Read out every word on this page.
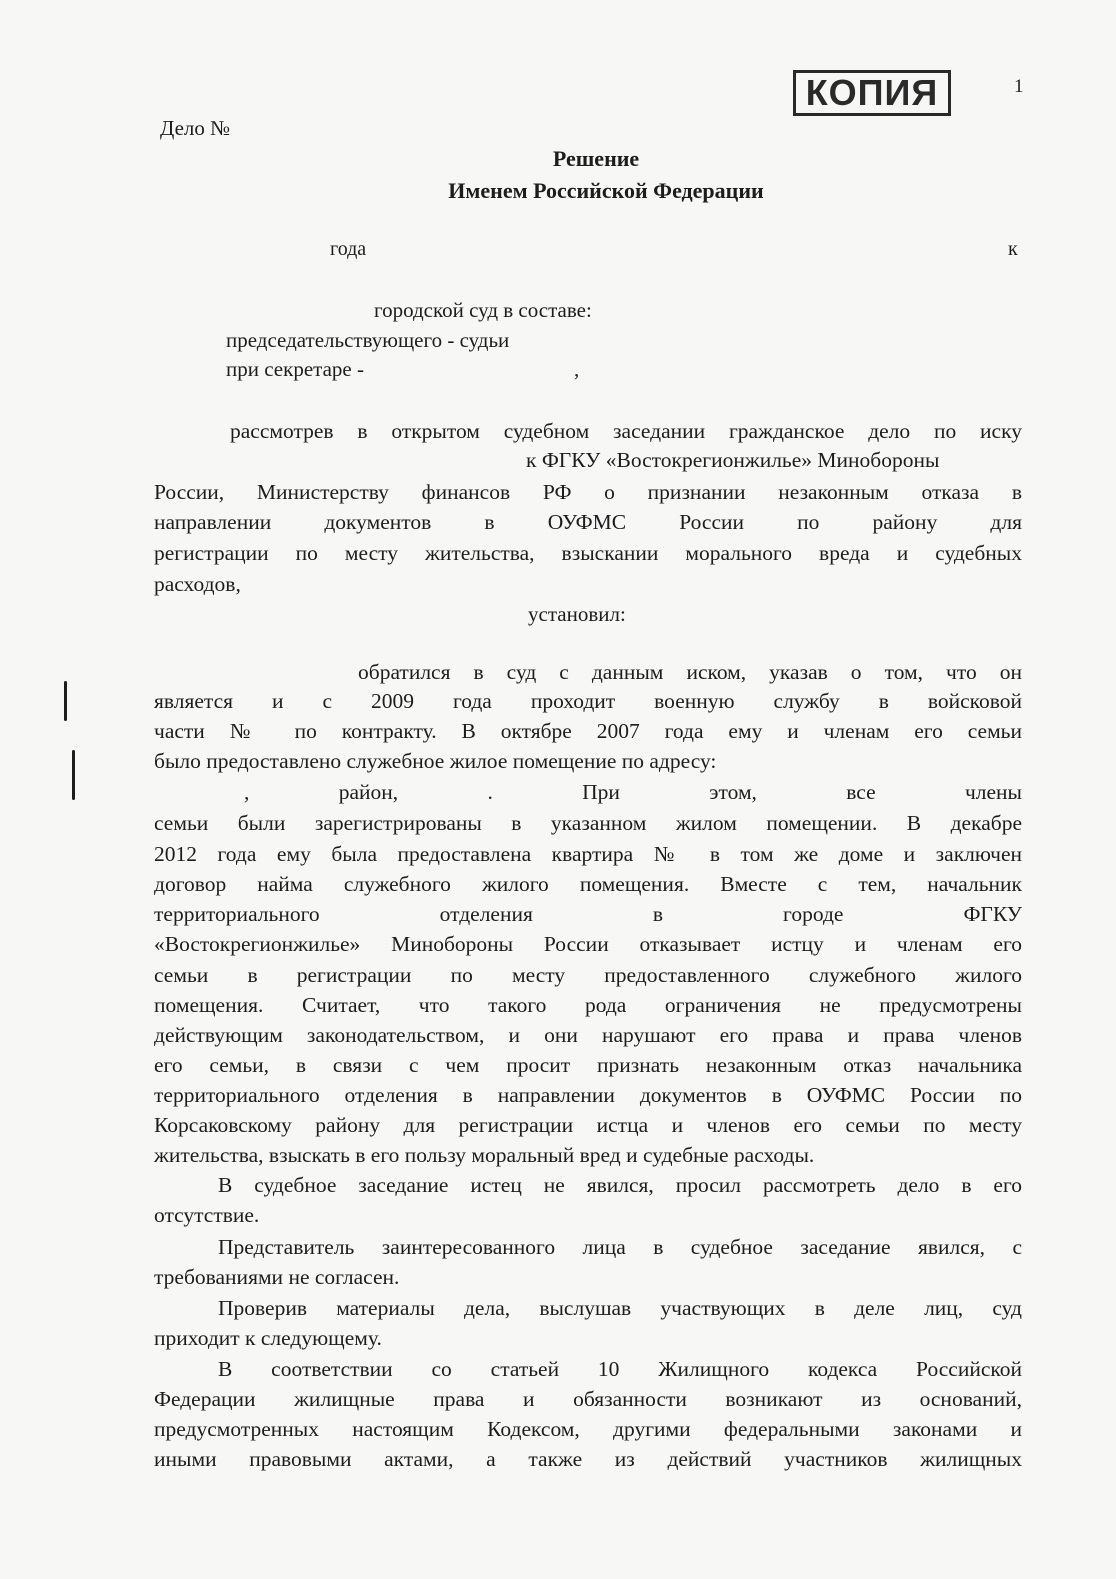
КОПИЯ	1
Дело №
Решение
Именем Российской Федерации
года	к
городской суд в составе:
председательствующего - судьи
при секретаре -	,
рассмотрев в открытом судебном заседании гражданское дело по иску
к ФГКУ «Востокрегионжилье» Минобороны
России, Министерству финансов РФ о признании незаконным отказа в
направлении документов в ОУФМС России по району для
регистрации по месту жительства, взыскании морального вреда и судебных
расходов,
установил:
обратился в суд с данным иском, указав о том, что он
является и с 2009 года проходит военную службу в войсковой
части № по контракту. В октябре 2007 года ему и членам его семьи
было предоставлено служебное жилое помещение по адресу:
, район, . При этом, все члены
семьи были зарегистрированы в указанном жилом помещении. В декабре
2012 года ему была предоставлена квартира № в том же доме и заключен
договор найма служебного жилого помещения. Вместе с тем, начальник
территориального отделения в городе ФГКУ
«Востокрегионжилье» Минобороны России отказывает истцу и членам его
семьи в регистрации по месту предоставленного служебного жилого
помещения. Считает, что такого рода ограничения не предусмотрены
действующим законодательством, и они нарушают его права и права членов
его семьи, в связи с чем просит признать незаконным отказ начальника
территориального отделения в направлении документов в ОУФМС России по
Корсаковскому району для регистрации истца и членов его семьи по месту
жительства, взыскать в его пользу моральный вред и судебные расходы.
В судебное заседание истец не явился, просил рассмотреть дело в его
отсутствие.
Представитель заинтересованного лица в судебное заседание явился, с
требованиями не согласен.
Проверив материалы дела, выслушав участвующих в деле лиц, суд
приходит к следующему.
В соответствии со статьей 10 Жилищного кодекса Российской
Федерации жилищные права и обязанности возникают из оснований,
предусмотренных настоящим Кодексом, другими федеральными законами и
иными правовыми актами, а также из действий участников жилищных
